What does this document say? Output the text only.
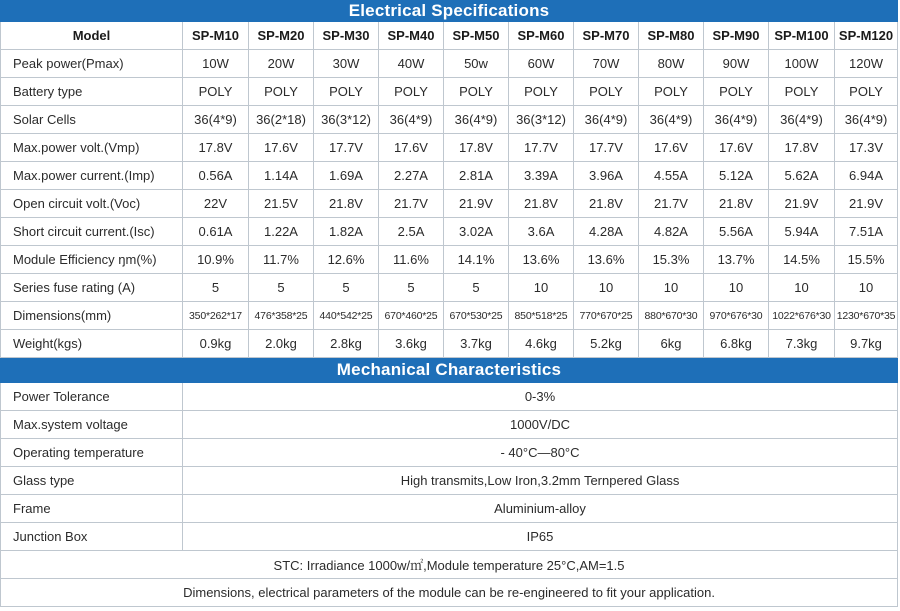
Electrical Specifications											
Model	SP-M10	SP-M20	SP-M30	SP-M40	SP-M50	SP-M60	SP-M70	SP-M80	SP-M90	SP-M100	SP-M120
Peak power(Pmax)	10W	20W	30W	40W	50w	60W	70W	80W	90W	100W	120W
Battery type	POLY	POLY	POLY	POLY	POLY	POLY	POLY	POLY	POLY	POLY	POLY
Solar Cells	36(4*9)	36(2*18)	36(3*12)	36(4*9)	36(4*9)	36(3*12)	36(4*9)	36(4*9)	36(4*9)	36(4*9)	36(4*9)
Max.power volt.(Vmp)	17.8V	17.6V	17.7V	17.6V	17.8V	17.7V	17.7V	17.6V	17.6V	17.8V	17.3V
Max.power current.(Imp)	0.56A	1.14A	1.69A	2.27A	2.81A	3.39A	3.96A	4.55A	5.12A	5.62A	6.94A
Open circuit volt.(Voc)	22V	21.5V	21.8V	21.7V	21.9V	21.8V	21.8V	21.7V	21.8V	21.9V	21.9V
Short circuit current.(Isc)	0.61A	1.22A	1.82A	2.5A	3.02A	3.6A	4.28A	4.82A	5.56A	5.94A	7.51A
Module Efficiency ŋm(%)	10.9%	11.7%	12.6%	11.6%	14.1%	13.6%	13.6%	15.3%	13.7%	14.5%	15.5%
Series fuse rating (A)	5	5	5	5	5	10	10	10	10	10	10
Dimensions(mm)	350*262*17	476*358*25	440*542*25	670*460*25	670*530*25	850*518*25	770*670*25	880*670*30	970*676*30	1022*676*30	1230*670*35
Weight(kgs)	0.9kg	2.0kg	2.8kg	3.6kg	3.7kg	4.6kg	5.2kg	6kg	6.8kg	7.3kg	9.7kg
Mechanical Characteristics											
Power Tolerance	0-3%										
Max.system voltage	1000V/DC										
Operating temperature	- 40°C—80°C										
Glass type	High transmits,Low Iron,3.2mm Ternpered Glass										
Frame	Aluminium-alloy										
Junction Box	IP65										
STC: Irradiance 1000w/㎡,Module temperature 25°C,AM=1.5											
Dimensions, electrical parameters of the module can be re-engineered to fit your application.											
